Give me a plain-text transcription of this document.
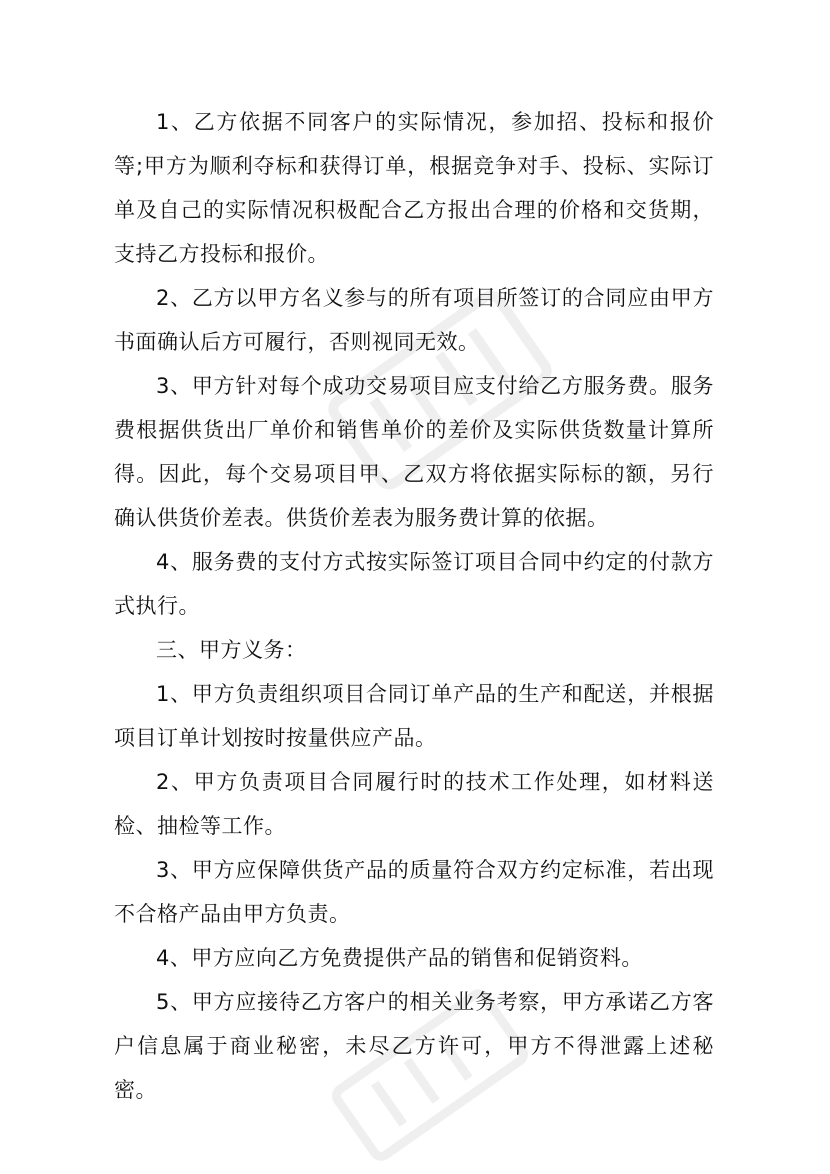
1、乙方依据不同客户的实际情况，参加招、投标和报价等;甲方为顺利夺标和获得订单，根据竞争对手、投标、实际订单及自己的实际情况积极配合乙方报出合理的价格和交货期，支持乙方投标和报价。

2、乙方以甲方名义参与的所有项目所签订的合同应由甲方书面确认后方可履行，否则视同无效。

3、甲方针对每个成功交易项目应支付给乙方服务费。服务费根据供货出厂单价和销售单价的差价及实际供货数量计算所得。因此，每个交易项目甲、乙双方将依据实际标的额，另行确认供货价差表。供货价差表为服务费计算的依据。

4、服务费的支付方式按实际签订项目合同中约定的付款方式执行。

三、甲方义务：

1、甲方负责组织项目合同订单产品的生产和配送，并根据项目订单计划按时按量供应产品。

2、甲方负责项目合同履行时的技术工作处理，如材料送检、抽检等工作。

3、甲方应保障供货产品的质量符合双方约定标准，若出现不合格产品由甲方负责。

4、甲方应向乙方免费提供产品的销售和促销资料。

5、甲方应接待乙方客户的相关业务考察，甲方承诺乙方客户信息属于商业秘密，未尽乙方许可，甲方不得泄露上述秘密。
